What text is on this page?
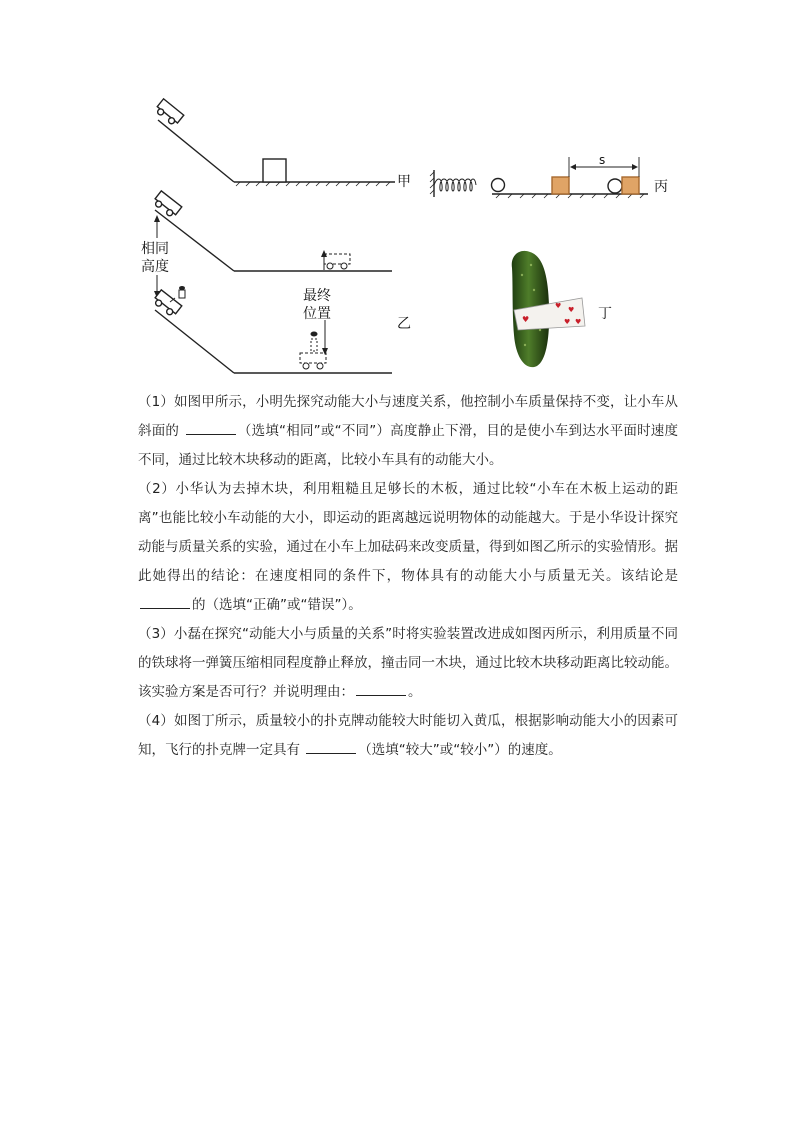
♥ ♥
♥ ♥
♥
甲
乙
丙
丁
相同
高度
最终
位置
s

（1）如图甲所示，小明先探究动能大小与速度关系，他控制小车质量保持不变，让小车从斜面的	（选填“相同”或“不同”）高度静止下滑，目的是使小车到达水平面时速度不同，通过比较木块移动的距离，比较小车具有的动能大小。

（2）小华认为去掉木块，利用粗糙且足够长的木板，通过比较“小车在木板上运动的距离”也能比较小车动能的大小，即运动的距离越远说明物体的动能越大。于是小华设计探究动能与质量关系的实验，通过在小车上加砝码来改变质量，得到如图乙所示的实验情形。据此她得出的结论：在速度相同的条件下，物体具有的动能大小与质量无关。该结论是 的（选填“正确”或“错误”）。

（3）小磊在探究“动能大小与质量的关系”时将实验装置改进成如图丙所示，利用质量不同的铁球将一弹簧压缩相同程度静止释放，撞击同一木块，通过比较木块移动距离比较动能。该实验方案是否可行？并说明理由：	。

（4）如图丁所示，质量较小的扑克牌动能较大时能切入黄瓜，根据影响动能大小的因素可知，飞行的扑克牌一定具有	（选填“较大”或“较小”）的速度。
